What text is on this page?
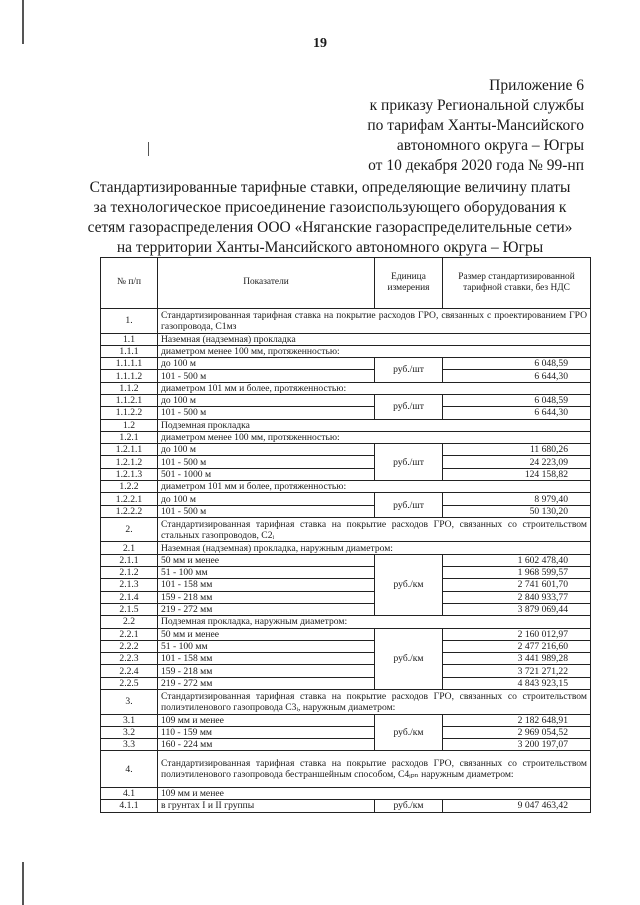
19
Приложение 6
к приказу Региональной службы
по тарифам Ханты-Мансийского
автономного округа – Югры
от 10 декабря 2020 года № 99-нп
Стандартизированные тарифные ставки, определяющие величину платы
за технологическое присоединение газоиспользующего оборудования к
сетям газораспределения ООО «Няганские газораспределительные сети»
на территории Ханты-Мансийского автономного округа – Югры
№ п/п	Показатели	Единица измерения	Размер стандартизированной тарифной ставки, без НДС
1.	Стандартизированная тарифная ставка на покрытие расходов ГРО, связанных с проектированием ГРО газопровода, C1мз		
1.1	Наземная (надземная) прокладка		
1.1.1	диаметром менее 100 мм, протяженностью:		
1.1.1.1	до 100 м	руб./шт	6 048,59
1.1.1.2	101 - 500 м		6 644,30
1.1.2	диаметром 101 мм и более, протяженностью:		
1.1.2.1	до 100 м	руб./шт	6 048,59
1.1.2.2	101 - 500 м		6 644,30
1.2	Подземная прокладка		
1.2.1	диаметром менее 100 мм, протяженностью:		
1.2.1.1	до 100 м	руб./шт	11 680,26
1.2.1.2	101 - 500 м		24 223,09
1.2.1.3	501 - 1000 м		124 158,82
1.2.2	диаметром 101 мм и более, протяженностью:		
1.2.2.1	до 100 м	руб./шт	8 979,40
1.2.2.2	101 - 500 м		50 130,20
2.	Стандартизированная тарифная ставка на покрытие расходов ГРО, связанных со строительством стальных газопроводов, C2ᵢ		
2.1	Наземная (надземная) прокладка, наружным диаметром:		
2.1.1	50 мм и менее	руб./км	1 602 478,40
2.1.2	51 - 100 мм		1 968 599,57
2.1.3	101 - 158 мм		2 741 601,70
2.1.4	159 - 218 мм		2 840 933,77
2.1.5	219 - 272 мм		3 879 069,44
2.2	Подземная прокладка, наружным диаметром:		
2.2.1	50 мм и менее	руб./км	2 160 012,97
2.2.2	51 - 100 мм		2 477 216,60
2.2.3	101 - 158 мм		3 441 989,28
2.2.4	159 - 218 мм		3 721 271,22
2.2.5	219 - 272 мм		4 843 923,15
3.	Стандартизированная тарифная ставка на покрытие расходов ГРО, связанных со строительством полиэтиленового газопровода C3ᵢ, наружным диаметром:		
3.1	109 мм и менее	руб./км	2 182 648,91
3.2	110 - 159 мм		2 969 054,52
3.3	160 - 224 мм		3 200 197,07
4.	Стандартизированная тарифная ставка на покрытие расходов ГРО, связанных со строительством полиэтиленового газопровода бестраншейным способом, C4ᵢₚₙ наружным диаметром:		
4.1	109 мм и менее		
4.1.1	в грунтах I и II группы	руб./км	9 047 463,42
